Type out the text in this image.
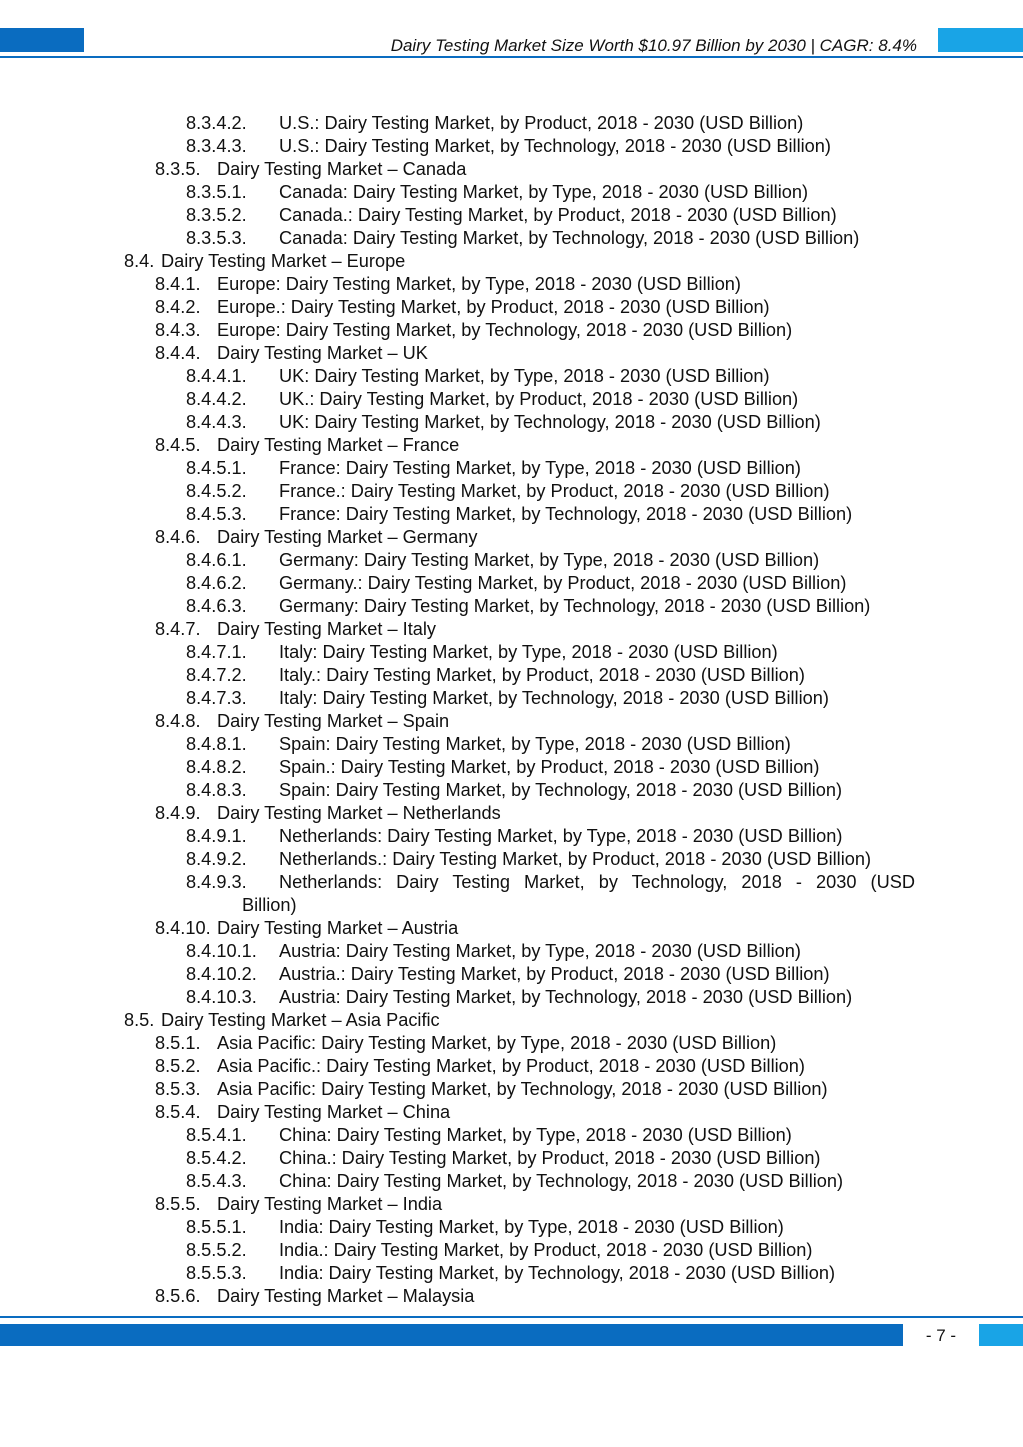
Dairy Testing Market Size Worth $10.97 Billion by 2030 | CAGR: 8.4%
8.3.4.2. U.S.: Dairy Testing Market, by Product, 2018 - 2030 (USD Billion)
8.3.4.3. U.S.: Dairy Testing Market, by Technology, 2018 - 2030 (USD Billion)
8.3.5. Dairy Testing Market – Canada
8.3.5.1. Canada: Dairy Testing Market, by Type, 2018 - 2030 (USD Billion)
8.3.5.2. Canada.: Dairy Testing Market, by Product, 2018 - 2030 (USD Billion)
8.3.5.3. Canada: Dairy Testing Market, by Technology, 2018 - 2030 (USD Billion)
8.4. Dairy Testing Market – Europe
8.4.1. Europe: Dairy Testing Market, by Type, 2018 - 2030 (USD Billion)
8.4.2. Europe.: Dairy Testing Market, by Product, 2018 - 2030 (USD Billion)
8.4.3. Europe: Dairy Testing Market, by Technology, 2018 - 2030 (USD Billion)
8.4.4. Dairy Testing Market – UK
8.4.4.1. UK: Dairy Testing Market, by Type, 2018 - 2030 (USD Billion)
8.4.4.2. UK.: Dairy Testing Market, by Product, 2018 - 2030 (USD Billion)
8.4.4.3. UK: Dairy Testing Market, by Technology, 2018 - 2030 (USD Billion)
8.4.5. Dairy Testing Market – France
8.4.5.1. France: Dairy Testing Market, by Type, 2018 - 2030 (USD Billion)
8.4.5.2. France.: Dairy Testing Market, by Product, 2018 - 2030 (USD Billion)
8.4.5.3. France: Dairy Testing Market, by Technology, 2018 - 2030 (USD Billion)
8.4.6. Dairy Testing Market – Germany
8.4.6.1. Germany: Dairy Testing Market, by Type, 2018 - 2030 (USD Billion)
8.4.6.2. Germany.: Dairy Testing Market, by Product, 2018 - 2030 (USD Billion)
8.4.6.3. Germany: Dairy Testing Market, by Technology, 2018 - 2030 (USD Billion)
8.4.7. Dairy Testing Market – Italy
8.4.7.1. Italy: Dairy Testing Market, by Type, 2018 - 2030 (USD Billion)
8.4.7.2. Italy.: Dairy Testing Market, by Product, 2018 - 2030 (USD Billion)
8.4.7.3. Italy: Dairy Testing Market, by Technology, 2018 - 2030 (USD Billion)
8.4.8. Dairy Testing Market – Spain
8.4.8.1. Spain: Dairy Testing Market, by Type, 2018 - 2030 (USD Billion)
8.4.8.2. Spain.: Dairy Testing Market, by Product, 2018 - 2030 (USD Billion)
8.4.8.3. Spain: Dairy Testing Market, by Technology, 2018 - 2030 (USD Billion)
8.4.9. Dairy Testing Market – Netherlands
8.4.9.1. Netherlands: Dairy Testing Market, by Type, 2018 - 2030 (USD Billion)
8.4.9.2. Netherlands.: Dairy Testing Market, by Product, 2018 - 2030 (USD Billion)
8.4.9.3. Netherlands: Dairy Testing Market, by Technology, 2018 - 2030 (USD
Billion)
8.4.10. Dairy Testing Market – Austria
8.4.10.1. Austria: Dairy Testing Market, by Type, 2018 - 2030 (USD Billion)
8.4.10.2. Austria.: Dairy Testing Market, by Product, 2018 - 2030 (USD Billion)
8.4.10.3. Austria: Dairy Testing Market, by Technology, 2018 - 2030 (USD Billion)
8.5. Dairy Testing Market – Asia Pacific
8.5.1. Asia Pacific: Dairy Testing Market, by Type, 2018 - 2030 (USD Billion)
8.5.2. Asia Pacific.: Dairy Testing Market, by Product, 2018 - 2030 (USD Billion)
8.5.3. Asia Pacific: Dairy Testing Market, by Technology, 2018 - 2030 (USD Billion)
8.5.4. Dairy Testing Market – China
8.5.4.1. China: Dairy Testing Market, by Type, 2018 - 2030 (USD Billion)
8.5.4.2. China.: Dairy Testing Market, by Product, 2018 - 2030 (USD Billion)
8.5.4.3. China: Dairy Testing Market, by Technology, 2018 - 2030 (USD Billion)
8.5.5. Dairy Testing Market – India
8.5.5.1. India: Dairy Testing Market, by Type, 2018 - 2030 (USD Billion)
8.5.5.2. India.: Dairy Testing Market, by Product, 2018 - 2030 (USD Billion)
8.5.5.3. India: Dairy Testing Market, by Technology, 2018 - 2030 (USD Billion)
8.5.6. Dairy Testing Market – Malaysia
- 7 -
